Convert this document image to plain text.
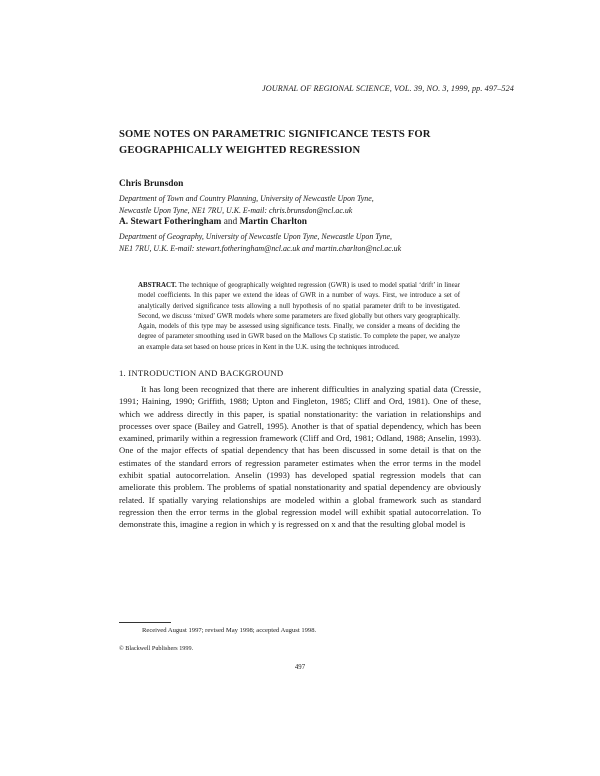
JOURNAL OF REGIONAL SCIENCE, VOL. 39, NO. 3, 1999, pp. 497–524
SOME NOTES ON PARAMETRIC SIGNIFICANCE TESTS FOR
GEOGRAPHICALLY WEIGHTED REGRESSION
Chris Brunsdon
Department of Town and Country Planning, University of Newcastle Upon Tyne,
Newcastle Upon Tyne, NE1 7RU, U.K. E-mail: chris.brunsdon@ncl.ac.uk
A. Stewart Fotheringham and Martin Charlton
Department of Geography, University of Newcastle Upon Tyne, Newcastle Upon Tyne,
NE1 7RU, U.K. E-mail: stewart.fotheringham@ncl.ac.uk and martin.charlton@ncl.ac.uk
ABSTRACT. The technique of geographically weighted regression (GWR) is used to model spatial ‘drift’ in linear model coefficients. In this paper we extend the ideas of GWR in a number of ways. First, we introduce a set of analytically derived significance tests allowing a null hypothesis of no spatial parameter drift to be investigated. Second, we discuss ‘mixed’ GWR models where some parameters are fixed globally but others vary geographically. Again, models of this type may be assessed using significance tests. Finally, we consider a means of deciding the degree of parameter smoothing used in GWR based on the Mallows Cp statistic. To complete the paper, we analyze an example data set based on house prices in Kent in the U.K. using the techniques introduced.
1. INTRODUCTION AND BACKGROUND
It has long been recognized that there are inherent difficulties in analyzing spatial data (Cressie, 1991; Haining, 1990; Griffith, 1988; Upton and Fingleton, 1985; Cliff and Ord, 1981). One of these, which we address directly in this paper, is spatial nonstationarity: the variation in relationships and processes over space (Bailey and Gatrell, 1995). Another is that of spatial dependency, which has been examined, primarily within a regression framework (Cliff and Ord, 1981; Odland, 1988; Anselin, 1993). One of the major effects of spatial dependency that has been discussed in some detail is that on the estimates of the standard errors of regression parameter estimates when the error terms in the model exhibit spatial autocorrelation. Anselin (1993) has developed spatial regression models that can ameliorate this problem. The problems of spatial nonstationarity and spatial dependency are obviously related. If spatially varying relationships are modeled within a global framework such as standard regression then the error terms in the global regression model will exhibit spatial autocorrelation. To demonstrate this, imagine a region in which y is regressed on x and that the resulting global model is
Received August 1997; revised May 1998; accepted August 1998.
© Blackwell Publishers 1999.
497
